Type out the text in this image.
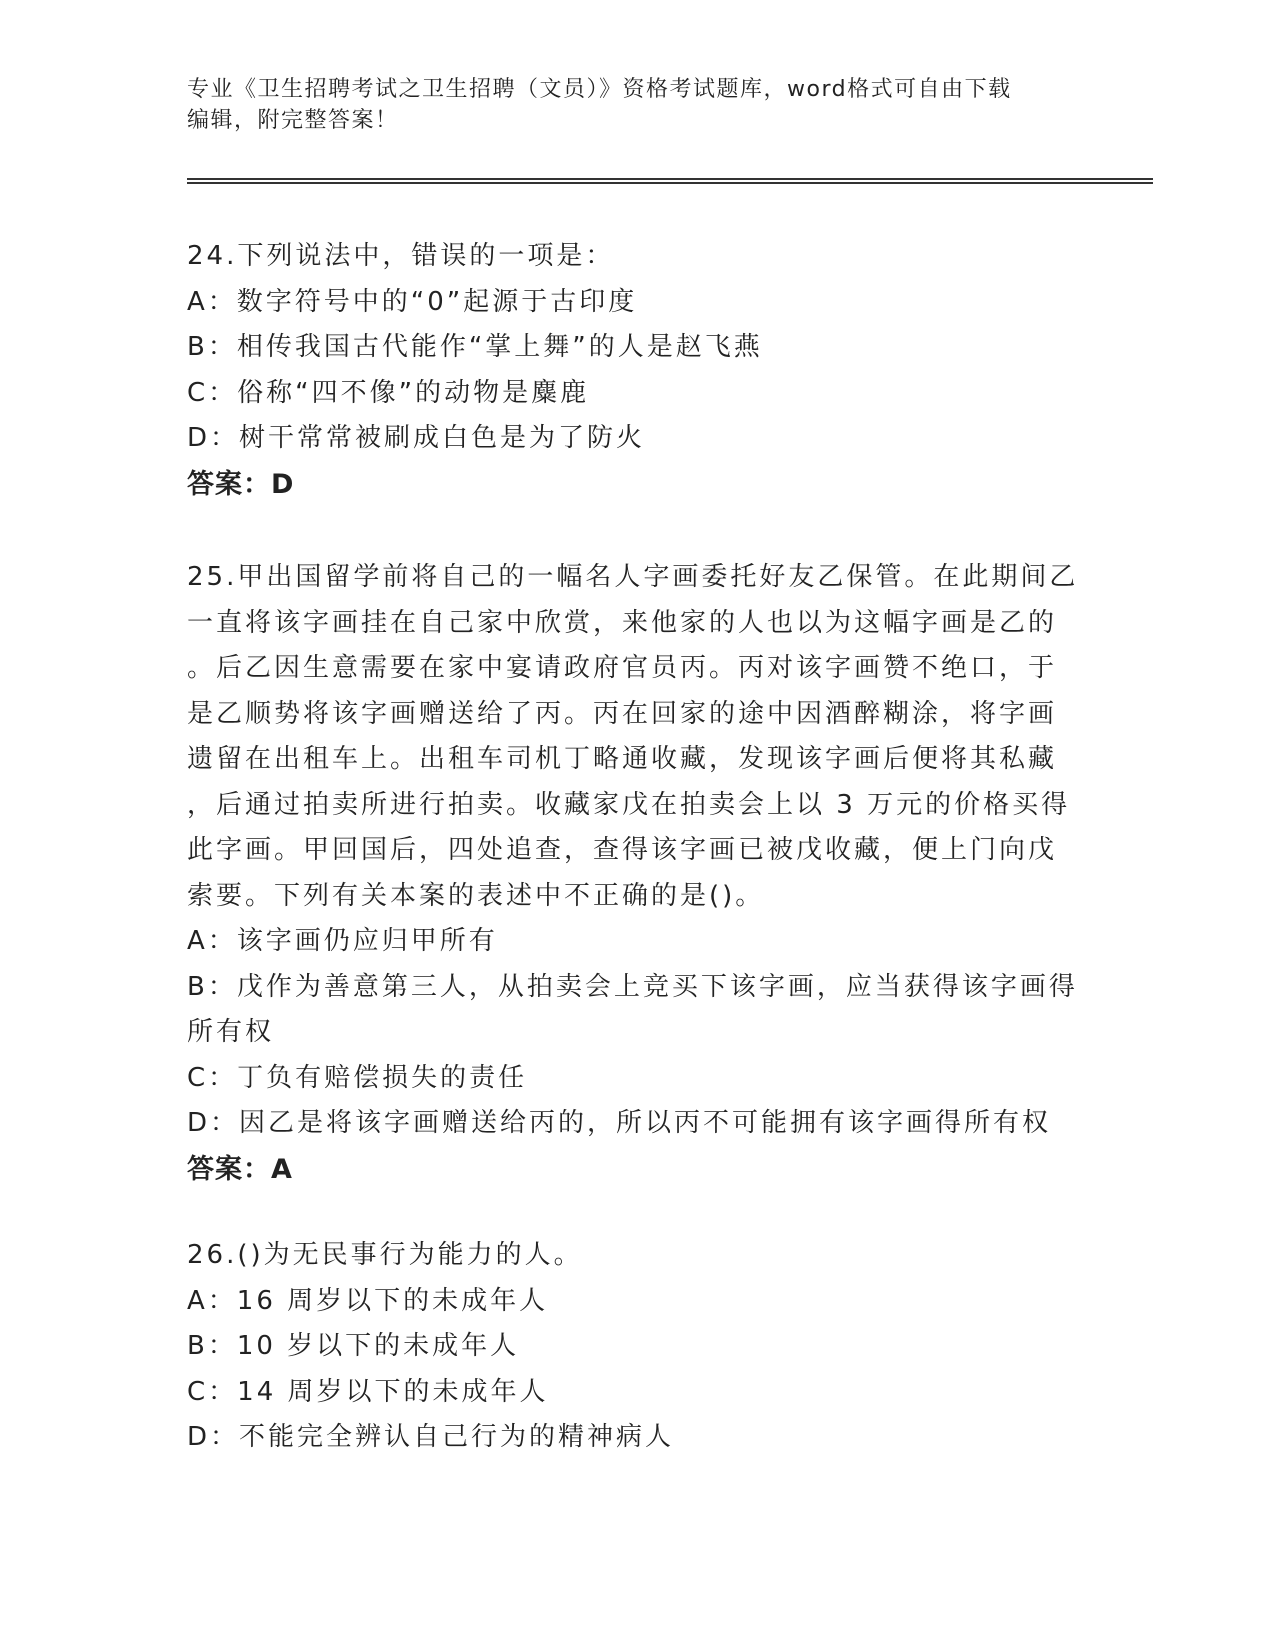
专业《卫生招聘考试之卫生招聘（文员）》资格考试题库，word格式可自由下载
编辑，附完整答案！
24.下列说法中，错误的一项是：
A：数字符号中的“0”起源于古印度
B：相传我国古代能作“掌上舞”的人是赵飞燕
C：俗称“四不像”的动物是麋鹿
D：树干常常被刷成白色是为了防火
答案：D
25.甲出国留学前将自己的一幅名人字画委托好友乙保管。在此期间乙
一直将该字画挂在自己家中欣赏，来他家的人也以为这幅字画是乙的
。后乙因生意需要在家中宴请政府官员丙。丙对该字画赞不绝口，于
是乙顺势将该字画赠送给了丙。丙在回家的途中因酒醉糊涂，将字画
遗留在出租车上。出租车司机丁略通收藏，发现该字画后便将其私藏
，后通过拍卖所进行拍卖。收藏家戊在拍卖会上以 3 万元的价格买得
此字画。甲回国后，四处追查，查得该字画已被戊收藏，便上门向戊
索要。下列有关本案的表述中不正确的是()。
A：该字画仍应归甲所有
B：戊作为善意第三人，从拍卖会上竞买下该字画，应当获得该字画得
所有权
C：丁负有赔偿损失的责任
D：因乙是将该字画赠送给丙的，所以丙不可能拥有该字画得所有权
答案：A
26.()为无民事行为能力的人。
A：16 周岁以下的未成年人
B：10 岁以下的未成年人
C：14 周岁以下的未成年人
D：不能完全辨认自己行为的精神病人
